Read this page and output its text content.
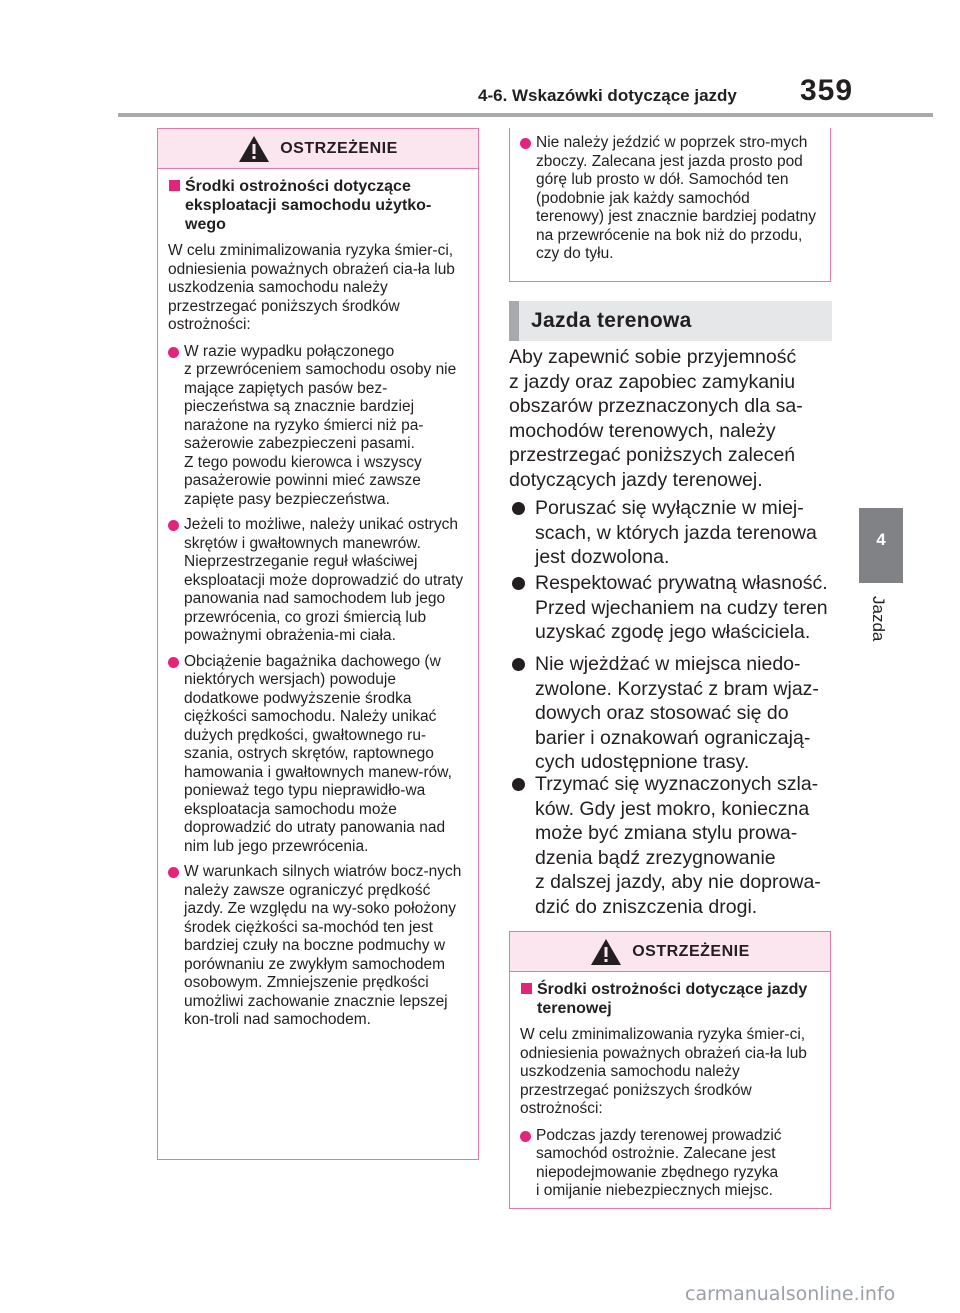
4-6. Wskazówki dotyczące jazdy 359
4
Jazda
OSTRZEŻENIE
Środki ostrożności dotyczące eksploatacji samochodu użytko-wego
W celu zminimalizowania ryzyka śmier-ci, odniesienia poważnych obrażeń cia-ła lub uszkodzenia samochodu należy przestrzegać poniższych środków ostrożności:
W razie wypadku połączonego
z przewróceniem samochodu osoby nie mające zapiętych pasów bez-pieczeństwa są znacznie bardziej narażone na ryzyko śmierci niż pa-sażerowie zabezpieczeni pasami.
Z tego powodu kierowca i wszyscy pasażerowie powinni mieć zawsze zapięte pasy bezpieczeństwa.
Jeżeli to możliwe, należy unikać ostrych skrętów i gwałtownych manewrów.
Nieprzestrzeganie reguł właściwej eksploatacji może doprowadzić do utraty panowania nad samochodem lub jego przewrócenia, co grozi śmiercią lub poważnymi obrażenia-mi ciała.
Obciążenie bagażnika dachowego (w niektórych wersjach) powoduje dodatkowe podwyższenie środka ciężkości samochodu. Należy unikać dużych prędkości, gwałtownego ru-szania, ostrych skrętów, raptownego hamowania i gwałtownych manew-rów, ponieważ tego typu nieprawidło-wa eksploatacja samochodu może doprowadzić do utraty panowania nad nim lub jego przewrócenia.
W warunkach silnych wiatrów bocz-nych należy zawsze ograniczyć prędkość jazdy. Ze względu na wy-soko położony środek ciężkości sa-mochód ten jest bardziej czuły na boczne podmuchy w porównaniu ze zwykłym samochodem osobowym. Zmniejszenie prędkości umożliwi zachowanie znacznie lepszej kon-troli nad samochodem.
Nie należy jeździć w poprzek stro-mych zboczy. Zalecana jest jazda prosto pod górę lub prosto w dół. Samochód ten (podobnie jak każdy samochód terenowy) jest znacznie bardziej podatny na przewrócenie na bok niż do przodu, czy do tyłu.
Jazda terenowa
Aby zapewnić sobie przyjemność
z jazdy oraz zapobiec zamykaniu obszarów przeznaczonych dla sa-mochodów terenowych, należy przestrzegać poniższych zaleceń dotyczących jazdy terenowej.
Poruszać się wyłącznie w miej-scach, w których jazda terenowa jest dozwolona.
Respektować prywatną własność. Przed wjechaniem na cudzy teren uzyskać zgodę jego właściciela.
Nie wjeżdżać w miejsca niedo-zwolone. Korzystać z bram wjaz-dowych oraz stosować się do barier i oznakowań ograniczają-cych udostępnione trasy.
Trzymać się wyznaczonych szla-ków. Gdy jest mokro, konieczna może być zmiana stylu prowa-dzenia bądź zrezygnowanie
z dalszej jazdy, aby nie doprowa-dzić do zniszczenia drogi.
OSTRZEŻENIE
Środki ostrożności dotyczące jazdy terenowej
W celu zminimalizowania ryzyka śmier-ci, odniesienia poważnych obrażeń cia-ła lub uszkodzenia samochodu należy przestrzegać poniższych środków ostrożności:
Podczas jazdy terenowej prowadzić samochód ostrożnie. Zalecane jest niepodejmowanie zbędnego ryzyka
i omijanie niebezpiecznych miejsc.
carmanualsonline.info
